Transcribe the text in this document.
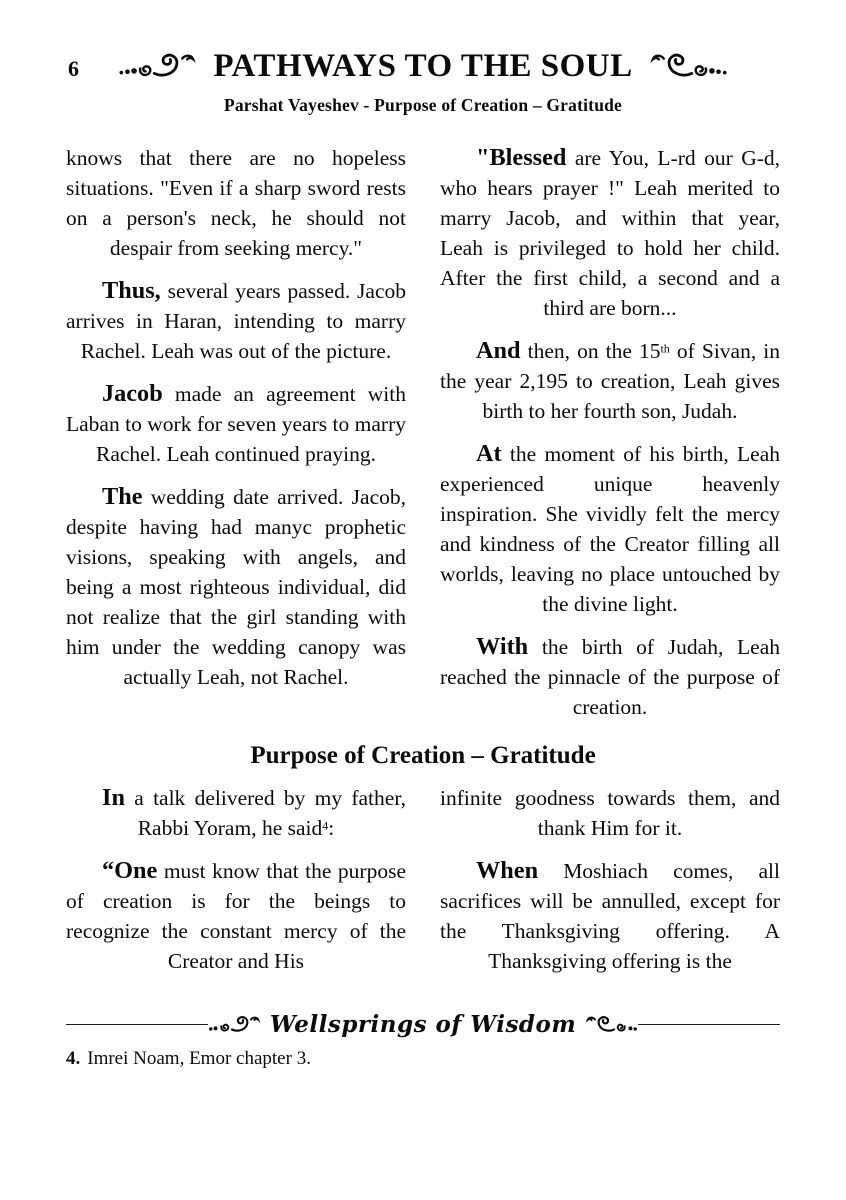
6	PATHWAYS TO THE SOUL
Parshat Vayeshev - Purpose of Creation – Gratitude

knows that there are no hopeless situations. "Even if a sharp sword rests on a person's neck, he should not despair from seeking mercy."

Thus, several years passed. Jacob arrives in Haran, intending to marry Rachel. Leah was out of the picture.

Jacob made an agreement with Laban to work for seven years to marry Rachel. Leah continued praying.

The wedding date arrived. Jacob, despite having had manyc prophetic visions, speaking with angels, and being a most righteous individual, did not realize that the girl standing with him under the wedding canopy was actually Leah, not Rachel.

"Blessed are You, L-rd our G-d, who hears prayer !" Leah merited to marry Jacob, and within that year, Leah is privileged to hold her child. After the first child, a second and a third are born...

And then, on the 15th of Sivan, in the year 2,195 to creation, Leah gives birth to her fourth son, Judah.

At the moment of his birth, Leah experienced unique heavenly inspiration. She vividly felt the mercy and kindness of the Creator filling all worlds, leaving no place untouched by the divine light.

With the birth of Judah, Leah reached the pinnacle of the purpose of creation.

Purpose of Creation – Gratitude

In a talk delivered by my father, Rabbi Yoram, he said$^4$:

“One must know that the purpose of creation is for the beings to recognize the constant mercy of the Creator and His

infinite goodness towards them, and thank Him for it.

When Moshiach comes, all sacrifices will be annulled, except for the Thanksgiving offering. A Thanksgiving offering is the

Wellsprings of Wisdom
4. Imrei Noam, Emor chapter 3.
